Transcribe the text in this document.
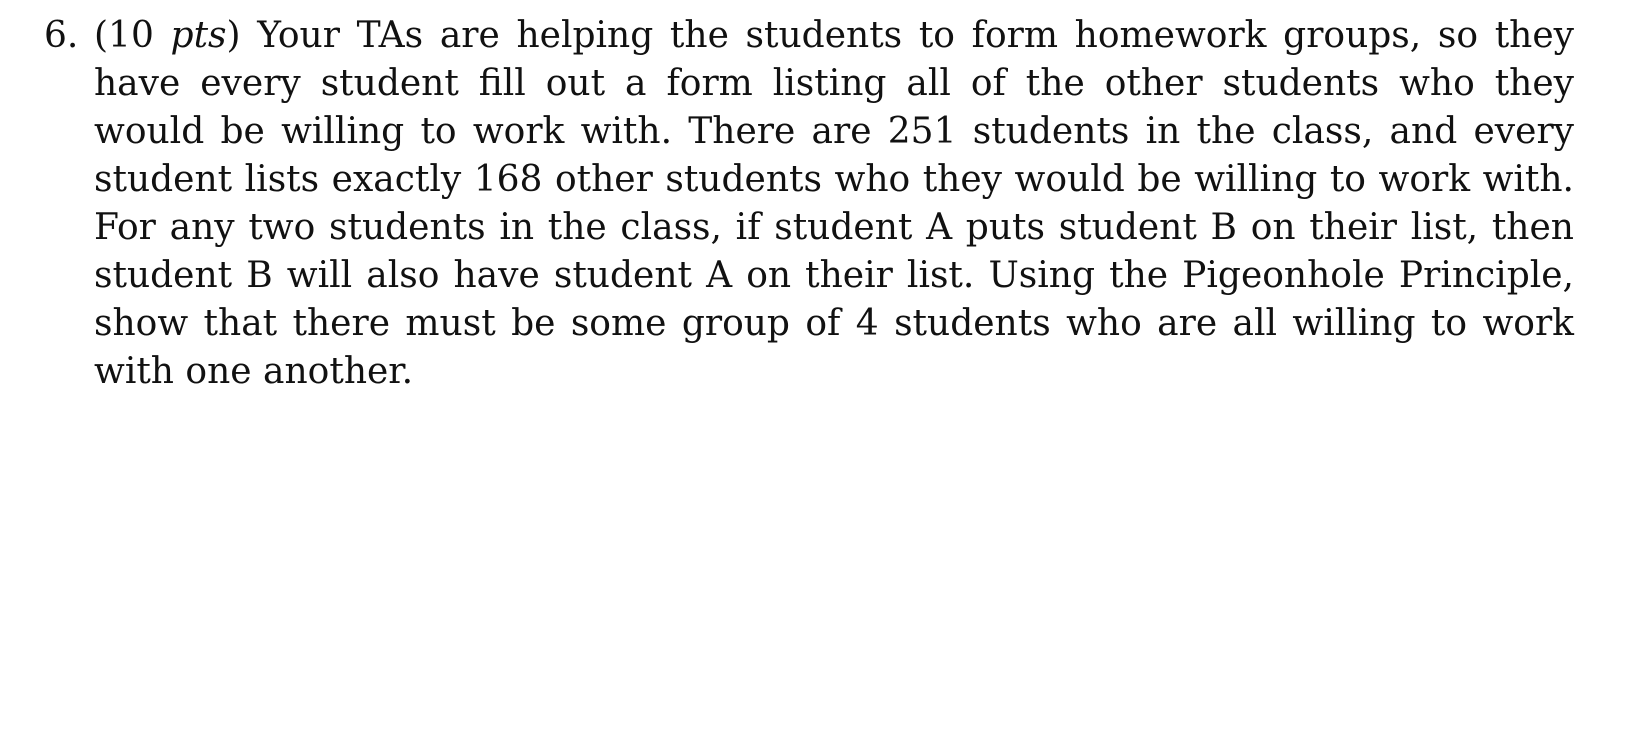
6. (10 pts) Your TAs are helping the students to form homework groups, so they have every student fill out a form listing all of the other students who they would be willing to work with. There are 251 students in the class, and every student lists exactly 168 other students who they would be willing to work with. For any two students in the class, if student A puts student B on their list, then student B will also have student A on their list. Using the Pigeonhole Principle, show that there must be some group of 4 students who are all willing to work with one another.
